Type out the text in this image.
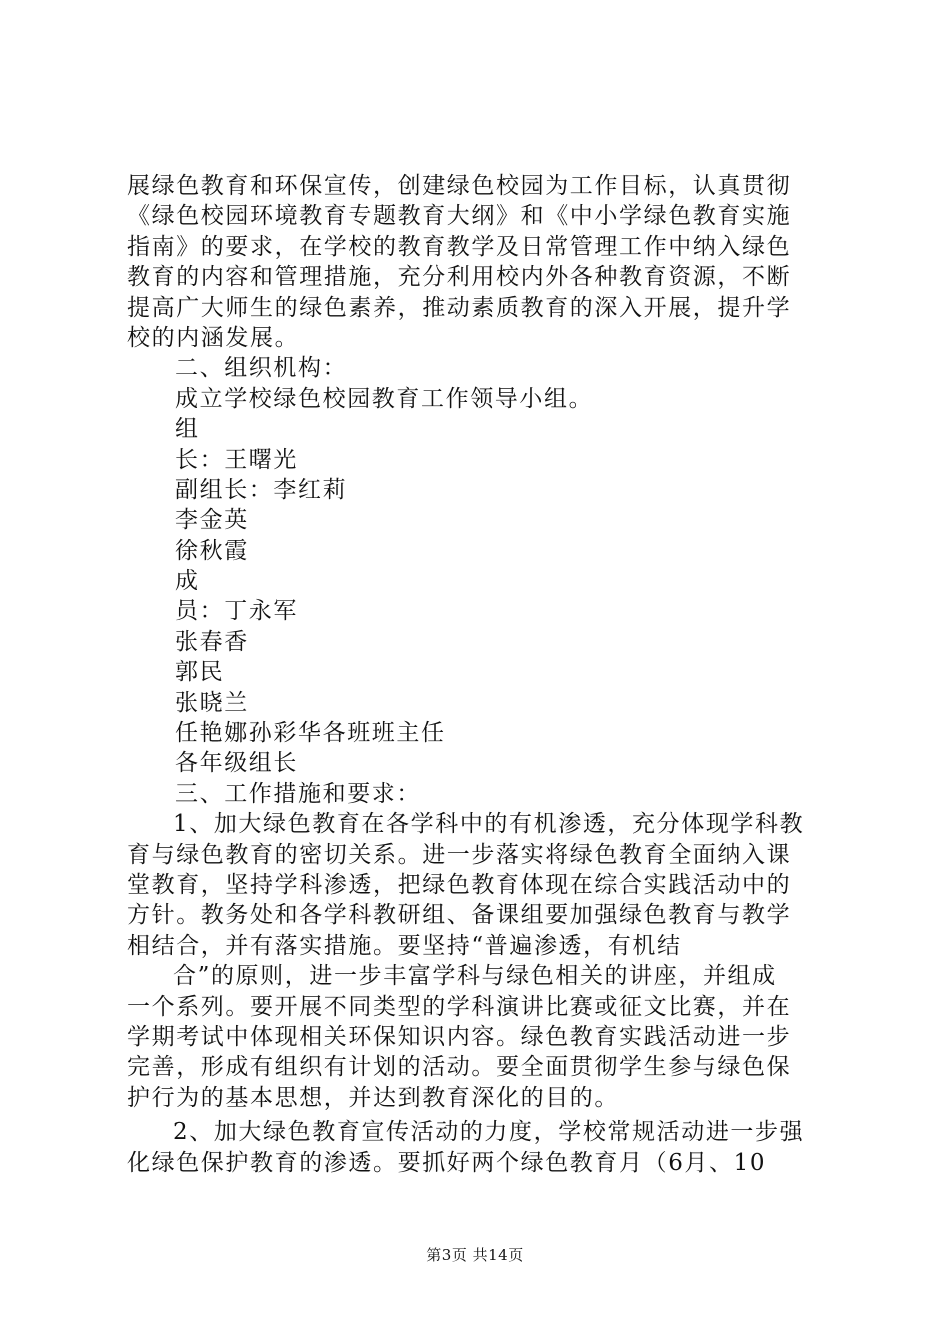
展绿色教育和环保宣传，创建绿色校园为工作目标，认真贯彻
《绿色校园环境教育专题教育大纲》和《中小学绿色教育实施
指南》的要求，在学校的教育教学及日常管理工作中纳入绿色
教育的内容和管理措施，充分利用校内外各种教育资源，不断
提高广大师生的绿色素养，推动素质教育的深入开展，提升学
校的内涵发展。
二、组织机构：
成立学校绿色校园教育工作领导小组。
组
长：王曙光
副组长：李红莉
李金英
徐秋霞
成
员：丁永军
张春香
郭民
张晓兰
任艳娜孙彩华各班班主任
各年级组长
三、工作措施和要求：
1、加大绿色教育在各学科中的有机渗透，充分体现学科教
育与绿色教育的密切关系。进一步落实将绿色教育全面纳入课
堂教育，坚持学科渗透，把绿色教育体现在综合实践活动中的
方针。教务处和各学科教研组、备课组要加强绿色教育与教学
相结合，并有落实措施。要坚持“普遍渗透，有机结
合”的原则，进一步丰富学科与绿色相关的讲座，并组成
一个系列。要开展不同类型的学科演讲比赛或征文比赛，并在
学期考试中体现相关环保知识内容。绿色教育实践活动进一步
完善，形成有组织有计划的活动。要全面贯彻学生参与绿色保
护行为的基本思想，并达到教育深化的目的。
2、加大绿色教育宣传活动的力度，学校常规活动进一步强
化绿色保护教育的渗透。要抓好两个绿色教育月（6月、10
第3页 共14页
